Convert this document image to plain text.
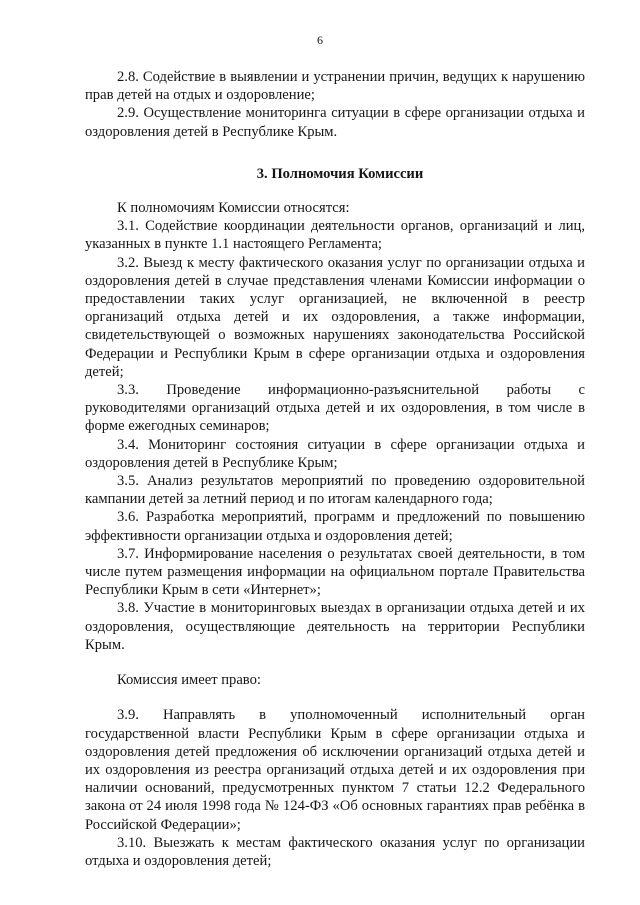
6

2.8. Содействие в выявлении и устранении причин, ведущих к нарушению прав детей на отдых и оздоровление;

2.9. Осуществление мониторинга ситуации в сфере организации отдыха и оздоровления детей в Республике Крым.

3. Полномочия Комиссии

К полномочиям Комиссии относятся:

3.1. Содействие координации деятельности органов, организаций и лиц, указанных в пункте 1.1 настоящего Регламента;

3.2. Выезд к месту фактического оказания услуг по организации отдыха и оздоровления детей в случае представления членами Комиссии информации о предоставлении таких услуг организацией, не включенной в реестр организаций отдыха детей и их оздоровления, а также информации, свидетельствующей о возможных нарушениях законодательства Российской Федерации и Республики Крым в сфере организации отдыха и оздоровления детей;

3.3. Проведение информационно-разъяснительной работы с руководителями организаций отдыха детей и их оздоровления, в том числе в форме ежегодных семинаров;

3.4. Мониторинг состояния ситуации в сфере организации отдыха и оздоровления детей в Республике Крым;

3.5. Анализ результатов мероприятий по проведению оздоровительной кампании детей за летний период и по итогам календарного года;

3.6. Разработка мероприятий, программ и предложений по повышению эффективности организации отдыха и оздоровления детей;

3.7. Информирование населения о результатах своей деятельности, в том числе путем размещения информации на официальном портале Правительства Республики Крым в сети «Интернет»;

3.8. Участие в мониторинговых выездах в организации отдыха детей и их оздоровления, осуществляющие деятельность на территории Республики Крым.

Комиссия имеет право:

3.9. Направлять в уполномоченный исполнительный орган государственной власти Республики Крым в сфере организации отдыха и оздоровления детей предложения об исключении организаций отдыха детей и их оздоровления из реестра организаций отдыха детей и их оздоровления при наличии оснований, предусмотренных пунктом 7 статьи 12.2 Федерального закона от 24 июля 1998 года № 124-ФЗ «Об основных гарантиях прав ребёнка в Российской Федерации»;

3.10. Выезжать к местам фактического оказания услуг по организации отдыха и оздоровления детей;
